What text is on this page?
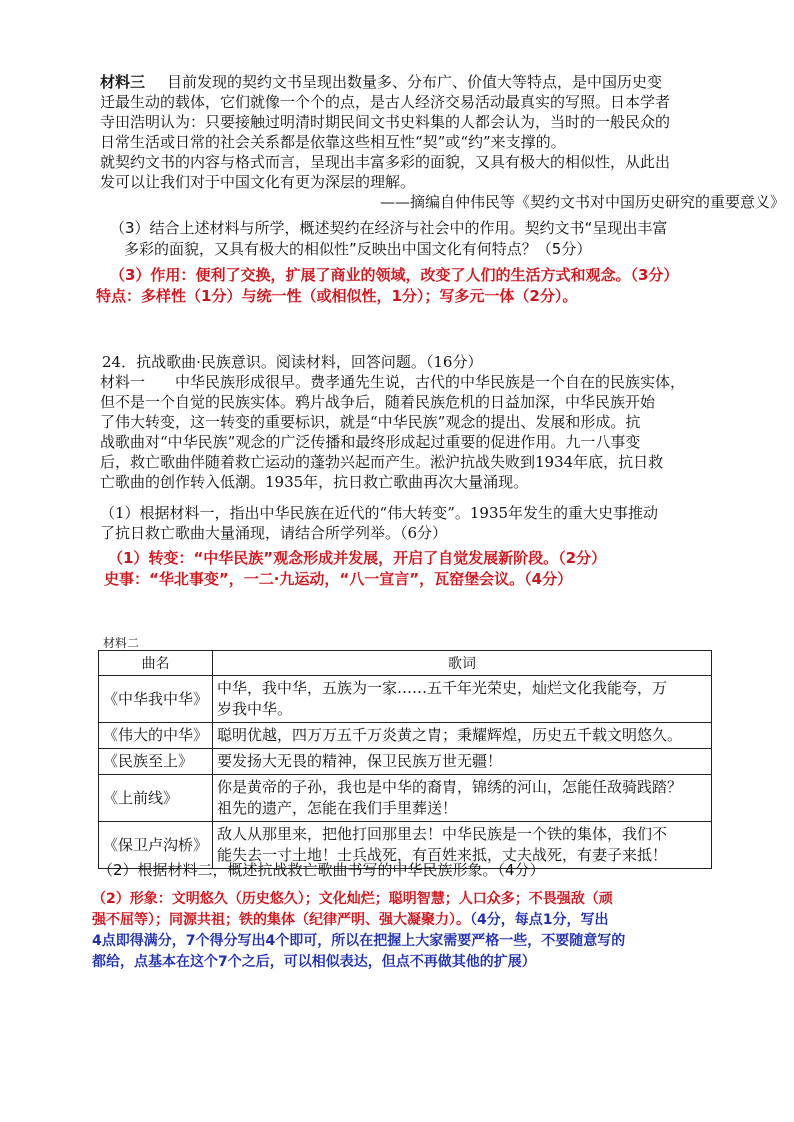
材料三 目前发现的契约文书呈现出数量多、分布广、价值大等特点，是中国历史变
迁最生动的载体，它们就像一个个的点，是古人经济交易活动最真实的写照。日本学者
寺田浩明认为：只要接触过明清时期民间文书史料集的人都会认为，当时的一般民众的
日常生活或日常的社会关系都是依靠这些相互性“契”或“约”来支撑的。
就契约文书的内容与格式而言，呈现出丰富多彩的面貌，又具有极大的相似性，从此出
发可以让我们对于中国文化有更为深层的理解。
——摘编自仲伟民等《契约文书对中国历史研究的重要意义》
（3）结合上述材料与所学，概述契约在经济与社会中的作用。契约文书“呈现出丰富
多彩的面貌，又具有极大的相似性”反映出中国文化有何特点？（5分）
（3）作用：便利了交换，扩展了商业的领域，改变了人们的生活方式和观念。（3分）
特点：多样性（1分）与统一性（或相似性，1分）；写多元一体（2分）。
24．抗战歌曲·民族意识。阅读材料，回答问题。（16分）
材料一 中华民族形成很早。费孝通先生说，古代的中华民族是一个自在的民族实体，
但不是一个自觉的民族实体。鸦片战争后，随着民族危机的日益加深，中华民族开始
了伟大转变，这一转变的重要标识，就是“中华民族”观念的提出、发展和形成。抗
战歌曲对“中华民族”观念的广泛传播和最终形成起过重要的促进作用。九一八事变
后，救亡歌曲伴随着救亡运动的蓬勃兴起而产生。淞沪抗战失败到1934年底，抗日救
亡歌曲的创作转入低潮。1935年，抗日救亡歌曲再次大量涌现。
（1）根据材料一，指出中华民族在近代的“伟大转变”。1935年发生的重大史事推动
了抗日救亡歌曲大量涌现，请结合所学列举。（6分）
（1）转变：“中华民族”观念形成并发展，开启了自觉发展新阶段。（2分）
史事：“华北事变”，一二·九运动，“八一宣言”，瓦窑堡会议。（4分）
材料二
曲名	歌词
《中华我中华》	中华，我中华，五族为一家……五千年光荣史，灿烂文化我能夸，万
岁我中华。

《伟大的中华》	聪明优越，四万万五千万炎黄之胄；秉耀辉煌，历史五千载文明悠久。

《民族至上》	要发扬大无畏的精神，保卫民族万世无疆！

《上前线》	你是黄帝的子孙，我也是中华的裔胄，锦绣的河山，怎能任敌骑践踏？
祖先的遗产，怎能在我们手里葬送！

《保卫卢沟桥》	敌人从那里来，把他打回那里去！中华民族是一个铁的集体，我们不
能失去一寸土地！士兵战死，有百姓来抵，丈夫战死，有妻子来抵！
（2）根据材料二，概述抗战救亡歌曲书写的中华民族形象。（4分）
（2）形象：文明悠久（历史悠久）；文化灿烂；聪明智慧；人口众多；不畏强敌（顽
强不屈等）；同源共祖；铁的集体（纪律严明、强大凝聚力）。（4分，每点1分，写出
4点即得满分，7个得分写出4个即可，所以在把握上大家需要严格一些，不要随意写的
都给，点基本在这个7个之后，可以相似表达，但点不再做其他的扩展）
